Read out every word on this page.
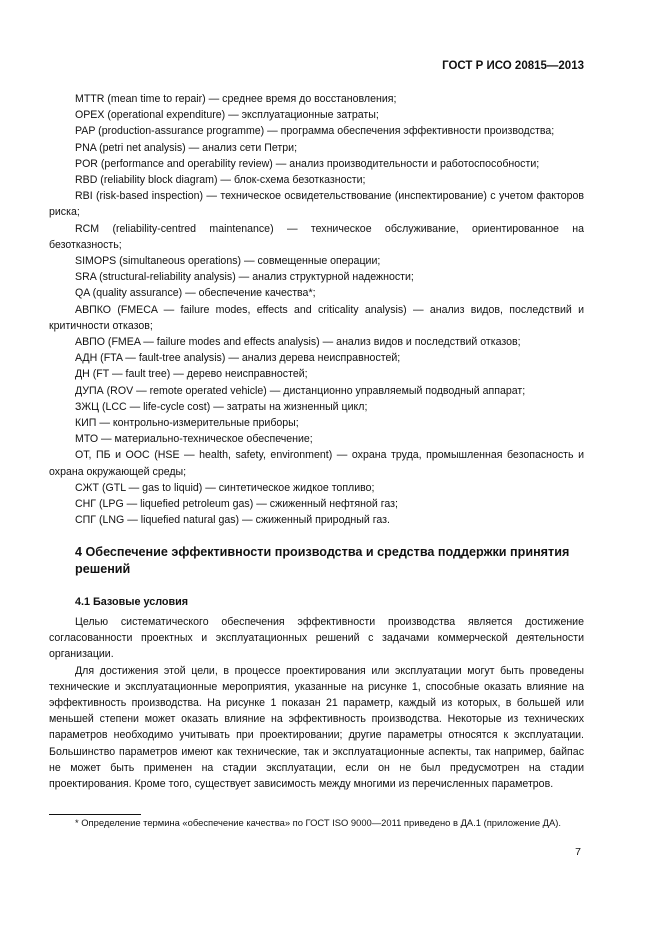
ГОСТ Р ИСО 20815—2013

MTTR (mean time to repair) — среднее время до восстановления;

OPEX (operational expenditure) — эксплуатационные затраты;

PAP (production-assurance programme) — программа обеспечения эффективности производства;

PNA (petri net analysis) — анализ сети Петри;

POR (performance and operability review) — анализ производительности и работоспособности;

RBD (reliability block diagram) — блок-схема безотказности;

RBI (risk-based inspection) — техническое освидетельствование (инспектирование) с учетом факторов риска;

RCM (reliability-centred maintenance) — техническое обслуживание, ориентированное на безотказность;

SIMOPS (simultaneous operations) — совмещенные операции;

SRA (structural-reliability analysis) — анализ структурной надежности;

QA (quality assurance) — обеспечение качества*;

АВПКО (FMECA — failure modes, effects and criticality analysis) — анализ видов, последствий и критичности отказов;

АВПО (FMEA — failure modes and effects analysis) — анализ видов и последствий отказов;

АДН (FTA — fault-tree analysis) — анализ дерева неисправностей;

ДН (FT — fault tree) — дерево неисправностей;

ДУПА (ROV — remote operated vehicle) — дистанционно управляемый подводный аппарат;

ЗЖЦ (LCC — life-cycle cost) — затраты на жизненный цикл;

КИП — контрольно-измерительные приборы;

МТО — материально-техническое обеспечение;

ОТ, ПБ и ООС (HSE — health, safety, environment) — охрана труда, промышленная безопасность и охрана окружающей среды;

СЖТ (GTL — gas to liquid) — синтетическое жидкое топливо;

СНГ (LPG — liquefied petroleum gas) — сжиженный нефтяной газ;

СПГ (LNG — liquefied natural gas) — сжиженный природный газ.

4 Обеспечение эффективности производства и средства поддержки принятия решений
4.1 Базовые условия

Целью систематического обеспечения эффективности производства является достижение согласованности проектных и эксплуатационных решений с задачами коммерческой деятельности организации.

Для достижения этой цели, в процессе проектирования или эксплуатации могут быть проведены технические и эксплуатационные мероприятия, указанные на рисунке 1, способные оказать влияние на эффективность производства. На рисунке 1 показан 21 параметр, каждый из которых, в большей или меньшей степени может оказать влияние на эффективность производства. Некоторые из технических параметров необходимо учитывать при проектировании; другие параметры относятся к эксплуатации. Большинство параметров имеют как технические, так и эксплуатационные аспекты, так например, байпас не может быть применен на стадии эксплуатации, если он не был предусмотрен на стадии проектирования. Кроме того, существует зависимость между многими из перечисленных параметров.

* Определение термина «обеспечение качества» по ГОСТ ISO 9000—2011 приведено в ДА.1 (приложение ДА).
7
